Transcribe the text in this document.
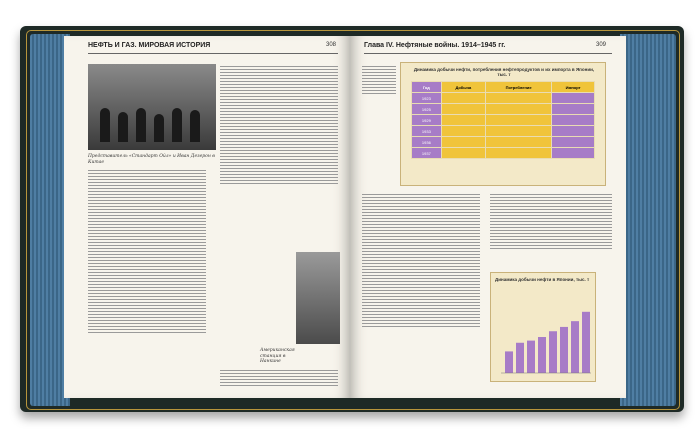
НЕФТЬ И ГАЗ. МИРОВАЯ ИСТОРИЯ	308
Представитель «Стандарт Ойл» и Иван Дезерон в Китае
Американская станция в Нанкине
Глава IV. Нефтяные войны. 1914–1945 гг.	309
Динамика добычи нефти, потребления нефтепродуктов и их импорта в Японии, тыс. т
Год	Добыча	Потребление	Импорт
1923			
1925			
1929			
1933			
1936			
1937			
Динамика добычи нефти в Японии, тыс. т
